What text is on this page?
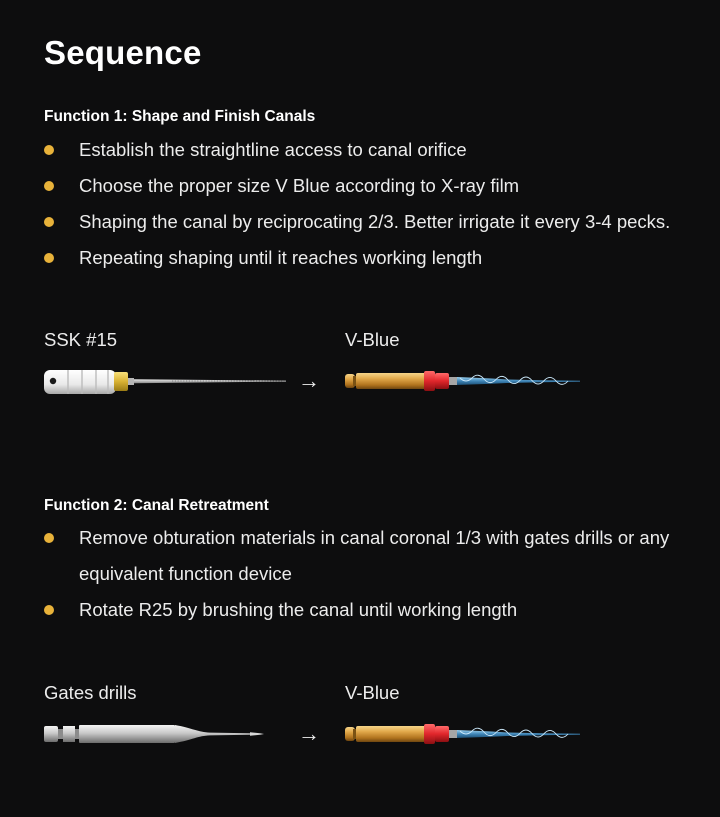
Sequence
Function 1: Shape and Finish Canals
Establish the straightline access to canal orifice
Choose the proper size V Blue according to X-ray film
Shaping the canal by reciprocating 2/3. Better irrigate it every 3-4 pecks.
Repeating shaping until it reaches working length
SSK #15	V-Blue
→
Function 2: Canal Retreatment
Remove obturation materials in canal coronal 1/3 with gates drills or any equivalent function device
Rotate R25 by brushing the canal until working length
Gates drills	V-Blue
→
